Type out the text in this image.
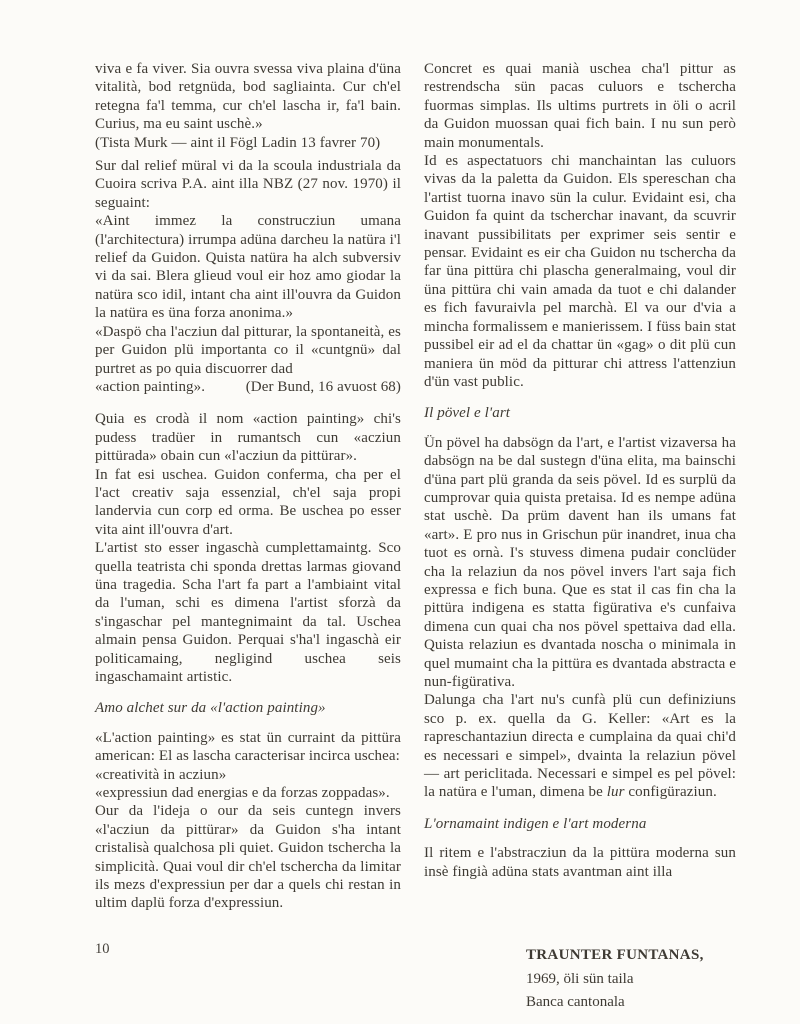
viva e fa viver. Sia ouvra svessa viva plaina d'üna vitalità, bod retgnüda, bod sagliainta. Cur ch'el retegna fa'l temma, cur ch'el lascha ir, fa'l bain. Curius, ma eu saint uschè.»

(Tista Murk — aint il Fögl Ladin 13 favrer 70)

Sur dal relief müral vi da la scoula industriala da Cuoira scriva P.A. aint illa NBZ (27 nov. 1970) il seguaint:

«Aint immez la construcziun umana (l'architectura) irrumpa adüna darcheu la natüra i'l relief da Guidon. Quista natüra ha alch subversiv vi da sai. Blera glieud voul eir hoz amo giodar la natüra sco idil, intant cha aint ill'ouvra da Guidon la natüra es üna forza anonima.»

«Daspö cha l'acziun dal pitturar, la spontaneità, es per Guidon plü importanta co il «cuntgnü» dal purtret as po quia discuorrer dad

«action painting».	(Der Bund, 16 avuost 68)

Quia es crodà il nom «action painting» chi's pudess tradüer in rumantsch cun «acziun pittürada» obain cun «l'acziun da pittürar».

In fat esi uschea. Guidon conferma, cha per el l'act creativ saja essenzial, ch'el saja propi landervia cun corp ed orma. Be uschea po esser vita aint ill'ouvra d'art.

L'artist sto esser ingaschà cumplettamaintg. Sco quella teatrista chi sponda drettas larmas giovand üna tragedia. Scha l'art fa part a l'ambiaint vital da l'uman, schi es dimena l'artist sforzà da s'ingaschar pel mantegnimaint da tal. Uschea almain pensa Guidon. Perquai s'ha'l ingaschà eir politicamaing, negligind uschea seis ingaschamaint artistic.

Amo alchet sur da «l'action painting»

«L'action painting» es stat ün curraint da pittüra american: El as lascha caracterisar incirca uschea:

«creatività in acziun»

«expressiun dad energias e da forzas zoppadas».

Our da l'ideja o our da seis cuntegn invers «l'acziun da pittürar» da Guidon s'ha intant cristalisà qualchosa pli quiet. Guidon tschercha la simplicità. Quai voul dir ch'el tschercha da limitar ils mezs d'expressiun per dar a quels chi restan in ultim daplü forza d'expressiun.

Concret es quai manià uschea cha'l pittur as restrendscha sün pacas culuors e tschercha fuormas simplas. Ils ultims purtrets in öli o acril da Guidon muossan quai fich bain. I nu sun però main monumentals.

Id es aspectatuors chi manchaintan las culuors vivas da la paletta da Guidon. Els spereschan cha l'artist tuorna inavo sün la culur. Evidaint esi, cha Guidon fa quint da tscherchar inavant, da scuvrir inavant pussibilitats per exprimer seis sentir e pensar. Evidaint es eir cha Guidon nu tschercha da far üna pittüra chi plascha generalmaing, voul dir üna pittüra chi vain amada da tuot e chi dalander es fich favuraivla pel marchà. El va our d'via a mincha formalissem e manierissem. I füss bain stat pussibel eir ad el da chattar ün «gag» o dit plü cun maniera ün möd da pitturar chi attress l'attenziun d'ün vast public.

Il pövel e l'art

Ün pövel ha dabsögn da l'art, e l'artist vizaversa ha dabsögn na be dal sustegn d'üna elita, ma bainschi d'üna part plü granda da seis pövel. Id es surplü da cumprovar quia quista pretaisa. Id es nempe adüna stat uschè. Da prüm davent han ils umans fat «art». E pro nus in Grischun pür inandret, inua cha tuot es ornà. I's stuvess dimena pudair conclüder cha la relaziun da nos pövel invers l'art saja fich expressa e fich buna. Que es stat il cas fin cha la pittüra indigena es statta figürativa e's cunfaiva dimena cun quai cha nos pövel spettaiva dad ella. Quista relaziun es dvantada noscha o minimala in quel mumaint cha la pittüra es dvantada abstracta e nun-figürativa.

Dalunga cha l'art nu's cunfà plü cun definiziuns sco p. ex. quella da G. Keller: «Art es la rapreschantaziun directa e cumplaina da quai chi'd es necessari e simpel», dvainta la relaziun pövel — art periclitada. Necessari e simpel es pel pövel: la natüra e l'uman, dimena be lur configüraziun.

L'ornamaint indigen e l'art moderna

Il ritem e l'abstracziun da la pittüra moderna sun insè fingià adüna stats avantman aint illa

10	TRAUNTER FUNTANAS,
1969, öli sün taila
Banca cantonala
